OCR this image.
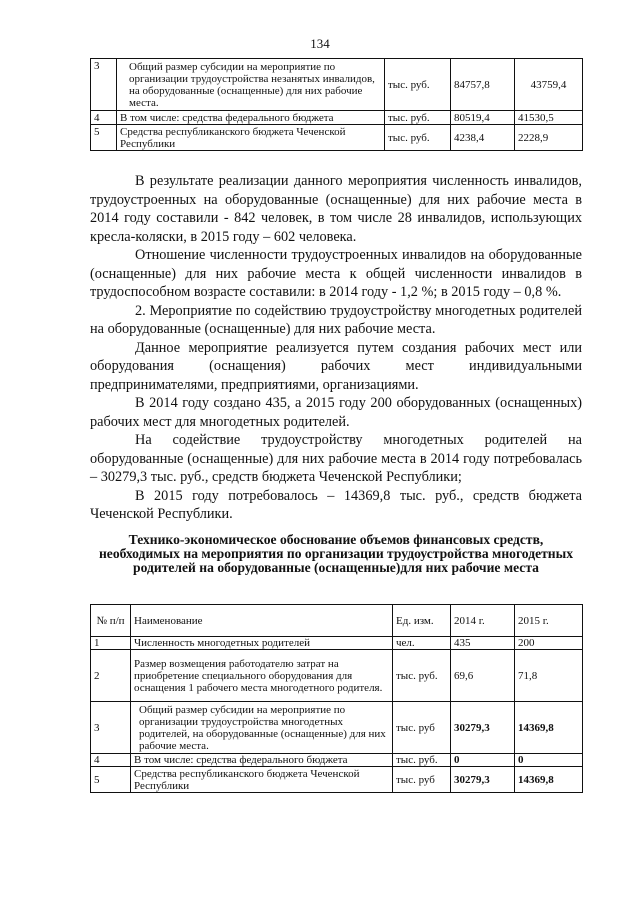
134
3	Общий размер субсидии на мероприятие по организации трудоустройства незанятых инвалидов, на оборудованные (оснащенные) для них рабочие места.	тыс. руб.	84757,8	43759,4
4	В том числе: средства федерального бюджета	тыс. руб.	80519,4	41530,5
5	Средства республиканского бюджета Чеченской Республики	тыс. руб.	4238,4	2228,9

В результате реализации данного мероприятия численность инвалидов, трудоустроенных на оборудованные (оснащенные) для них рабочие места в 2014 году составили - 842 человек, в том числе 28 инвалидов, использующих кресла-коляски, в 2015 году – 602 человека.

Отношение численности трудоустроенных инвалидов на оборудованные (оснащенные) для них рабочие места к общей численности инвалидов в трудоспособном возрасте составили: в 2014 году - 1,2 %; в 2015 году – 0,8 %.

2. Мероприятие по содействию трудоустройству многодетных родителей на оборудованные (оснащенные) для них рабочие места.

Данное мероприятие реализуется путем создания рабочих мест или оборудования (оснащения) рабочих мест индивидуальными предпринимателями, предприятиями, организациями.

В 2014 году создано 435, а 2015 году 200 оборудованных (оснащенных) рабочих мест для многодетных родителей.

На содействие трудоустройству многодетных родителей на оборудованные (оснащенные) для них рабочие места в 2014 году потребовалась – 30279,3 тыс. руб., средств бюджета Чеченской Республики;

В 2015 году потребовалось – 14369,8 тыс. руб., средств бюджета Чеченской Республики.

Технико-экономическое обоснование объемов финансовых средств, необходимых на мероприятия по организации трудоустройства многодетных родителей на оборудованные (оснащенные)для них рабочие места
№ п/п	Наименование	Ед. изм.	2014 г.	2015 г.
1	Численность многодетных родителей	чел.	435	200
2	Размер возмещения работодателю затрат на приобретение специального оборудования для оснащения 1 рабочего места многодетного родителя.	тыс. руб.	69,6	71,8
3	Общий размер субсидии на мероприятие по организации трудоустройства многодетных родителей, на оборудованные (оснащенные) для них рабочие места.	тыс. руб	30279,3	14369,8
4	В том числе: средства федерального бюджета	тыс. руб.	0	0
5	Средства республиканского бюджета Чеченской Республики	тыс. руб	30279,3	14369,8
